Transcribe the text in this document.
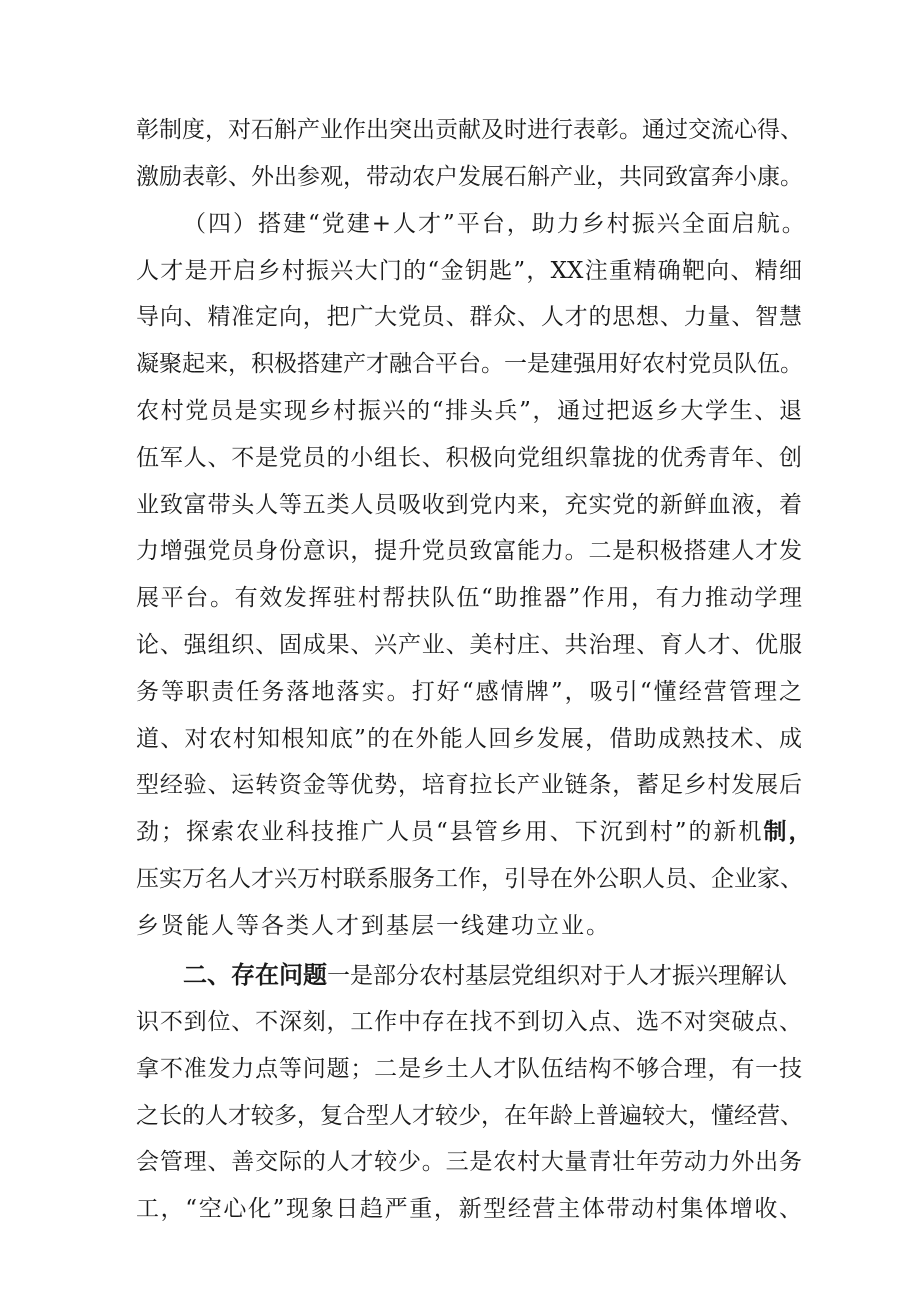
彰制度，对石斛产业作出突出贡献及时进行表彰。通过交流心得、
激励表彰、外出参观，带动农户发展石斛产业，共同致富奔小康。
（四）搭建“党建+人才”平台，助力乡村振兴全面启航。
人才是开启乡村振兴大门的“金钥匙”，XX注重精确靶向、精细
导向、精准定向，把广大党员、群众、人才的思想、力量、智慧
凝聚起来，积极搭建产才融合平台。一是建强用好农村党员队伍。
农村党员是实现乡村振兴的“排头兵”，通过把返乡大学生、退
伍军人、不是党员的小组长、积极向党组织靠拢的优秀青年、创
业致富带头人等五类人员吸收到党内来，充实党的新鲜血液，着
力增强党员身份意识，提升党员致富能力。二是积极搭建人才发
展平台。有效发挥驻村帮扶队伍“助推器”作用，有力推动学理
论、强组织、固成果、兴产业、美村庄、共治理、育人才、优服
务等职责任务落地落实。打好“感情牌”，吸引“懂经营管理之
道、对农村知根知底”的在外能人回乡发展，借助成熟技术、成
型经验、运转资金等优势，培育拉长产业链条，蓄足乡村发展后
劲；探索农业科技推广人员“县管乡用、下沉到村”的新机制，
压实万名人才兴万村联系服务工作，引导在外公职人员、企业家、
乡贤能人等各类人才到基层一线建功立业。
二、存在问题一是部分农村基层党组织对于人才振兴理解认
识不到位、不深刻，工作中存在找不到切入点、选不对突破点、
拿不准发力点等问题；二是乡土人才队伍结构不够合理，有一技
之长的人才较多，复合型人才较少，在年龄上普遍较大，懂经营、
会管理、善交际的人才较少。三是农村大量青壮年劳动力外出务
工，“空心化”现象日趋严重，新型经营主体带动村集体增收、
